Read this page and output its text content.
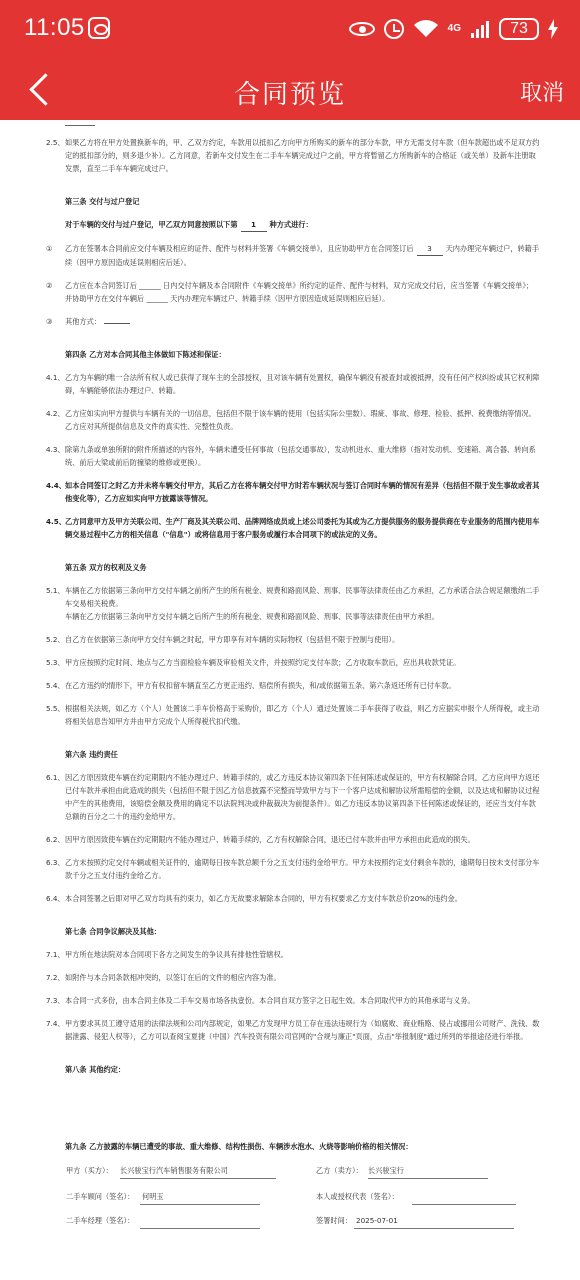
11:05	4G	73
合同预览	取消
2.5、 如果乙方将在甲方处置换新车的，甲、乙双方约定，车款用以抵扣乙方向甲方所购买的新车的部分车款，甲方无需支付车款（但车款超出或不足双方约定的抵扣部分的，则多退少补）。乙方同意，若新车交付发生在二手车车辆完成过户之前，甲方将暂留乙方所购新车的合格证（或关单）及新车注册取发票，直至二手车车辆完成过户。
第三条 交付与过户登记
对于车辆的交付与过户登记，甲乙双方同意按照以下第 1 种方式进行：
① 乙方在签署本合同前应交付车辆及相应的证件、配件与材料并签署《车辆交接单》，且应协助甲方在合同签订后 3 天内办理完车辆过户，转籍手续（因甲方原因造成延误则相应后延）。
② 乙方应在本合同签订后 ______ 日内交付车辆及本合同附件《车辆交接单》所约定的证件、配件与材料，双方完成交付后，应当签署《车辆交接单》；并协助甲方在交付车辆后 ______ 天内办理完车辆过户、转籍手续（因甲方原因造成延误则相应后延）。
③ 其他方式：
第四条 乙方对本合同其他主体做如下陈述和保证：
4.1、 乙方为车辆的唯一合法所有权人或已获得了现车主的全部授权，且对该车辆有处置权，确保车辆没有被查封或被抵押，没有任何产权纠纷或其它权利障碍，车辆能够依法办理过户、转籍。
4.2、 乙方应如实向甲方提供与车辆有关的一切信息，包括但不限于该车辆的使用（包括实际公里数）、瑕疵、事故、修理、检验、抵押、税费缴纳等情况。乙方应对其所提供信息及文件的真实性、完整性负责。
4.3、 除第九条或单独所附的附件所描述的内容外，车辆未遭受任何事故（包括交通事故），发动机进水、重大维修（指对发动机、变速箱、离合器、转向系统、前后大梁或前后防撞梁的维修或更换）。
4.4、 如本合同签订之时乙方并未将车辆交付甲方，其后乙方在将车辆交付甲方时若车辆状况与签订合同时车辆的情况有差异（包括但不限于发生事故或者其他变化等），乙方应如实向甲方披露该等情况。
4.5、 乙方同意甲方及甲方关联公司、生产厂商及其关联公司、品牌网络成员或上述公司委托为其或为乙方提供服务的服务提供商在专业服务的范围内使用车辆交易过程中乙方的相关信息（"信息"）或将信息用于客户服务或履行本合同项下的或法定的义务。
第五条 双方的权利及义务
5.1、 车辆在乙方依据第三条向甲方交付车辆之前所产生的所有税金、规费和路面风险、刑事、民事等法律责任由乙方承担，乙方承诺合法合规足额缴纳二手车交易相关税费。
车辆在乙方依据第三条向甲方交付车辆之后所产生的所有税金、规费和路面风险、刑事、民事等法律责任由甲方承担。
5.2、 自乙方在依据第三条向甲方交付车辆之时起，甲方即享有对车辆的实际物权（包括但不限于控制与使用）。
5.3、 甲方应按照约定时间、地点与乙方当面检验车辆及审验相关文件，并按照约定支付车款；乙方收取车款后，应出具收款凭证。
5.4、 在乙方违约的情形下，甲方有权扣留车辆直至乙方更正违约、赔偿所有损失，和/或依据第五条、第六条返还所有已付车款。
5.5、 根据相关法规，如乙方（个人）处置该二手车价格高于采购价，即乙方（个人）通过处置该二手车获得了收益，则乙方应据实申报个人所得税，或主动将相关信息告知甲方并由甲方完成个人所得税代扣代缴。
第六条 违约责任
6.1、 因乙方原因致使车辆在约定期限内不能办理过户、转籍手续的，或乙方违反本协议第四条下任何陈述或保证的，甲方有权解除合同，乙方应向甲方返还已付车款并承担由此造成的损失（包括但不限于因乙方信息披露不完整而导致甲方与下一个客户达成和解协议所需赔偿的金额，以及达成和解协议过程中产生的其他费用，该赔偿金额及费用的确定不以法院判决或仲裁裁决为前提条件）。如乙方违反本协议第四条下任何陈述或保证的，还应当支付车款总额的百分之二十的违约金给甲方。
6.2、 因甲方原因致使车辆在约定期限内不能办理过户、转籍手续的，乙方有权解除合同，退还已付车款并由甲方承担由此造成的损失。
6.3、 乙方未按照约定交付车辆或相关证件的，逾期每日按车款总额千分之五支付违约金给甲方。甲方未按照约定支付剩余车款的，逾期每日按未支付部分车款千分之五支付违约金给乙方。
6.4、 本合同签署之后即对甲乙双方均具有约束力，如乙方无故要求解除本合同的，甲方有权要求乙方支付车款总价20%的违约金。
第七条 合同争议解决及其他：
7.1、 甲方所在地法院对本合同项下各方之间发生的争议具有排他性管辖权。
7.2、 如附件与本合同条款相冲突的，以签订在后的文件的相应内容为准。
7.3、 本合同一式多份，由本合同主体及二手车交易市场各执壹份。本合同自双方签字之日起生效。本合同取代甲方的其他承诺与义务。
7.4、 甲方要求其员工遵守适用的法律法规和公司内部规定，如果乙方发现甲方员工存在违法违规行为（如腐败、商业贿赂、侵占或挪用公司财产、洗钱、数据泄露、侵犯人权等），乙方可以查阅宝夏捷（中国）汽车投资有限公司官网的"合规与廉正"页面，点击"举报制度"通过所列的举报途径进行举报。
第八条 其他约定：
第九条 乙方披露的车辆已遭受的事故、重大维修、结构性损伤、车辆涉水泡水、火烧等影响价格的相关情况：
甲方（买方）： 长兴骏宝行汽车销售服务有限公司	乙方（卖方）： 长兴骏宝行
二手车顾问（签名）： 何明玉	本人或授权代表（签名）：
二手车经理（签名）：	签署时间： 2025-07-01
